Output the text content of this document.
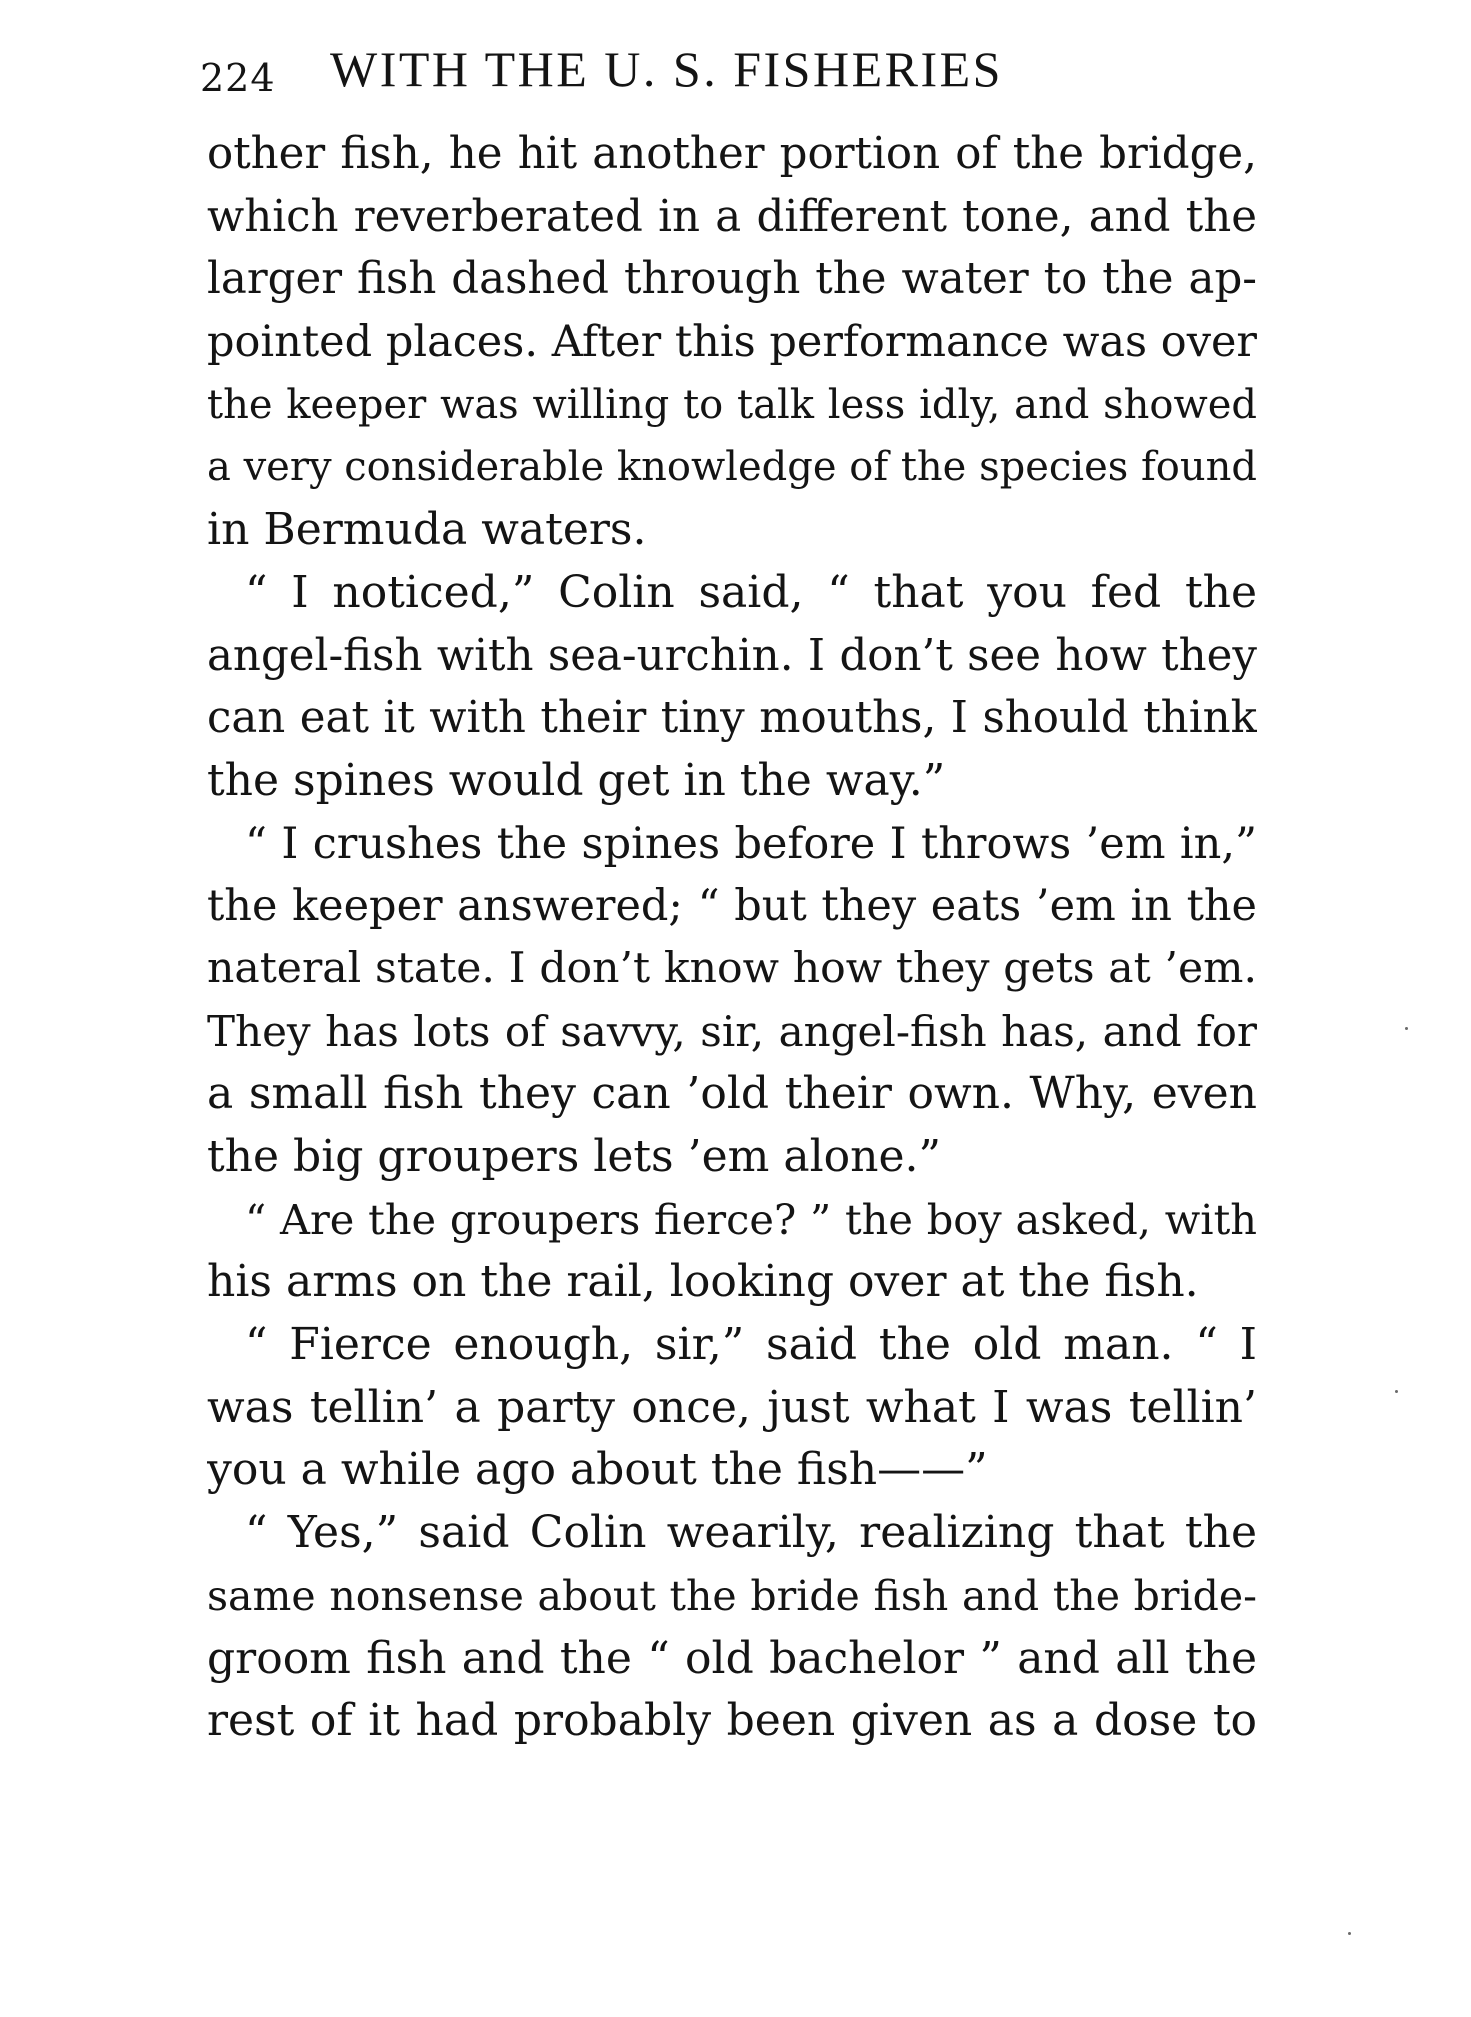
224 WITH THE U. S. FISHERIES
other fish, he hit another portion of the bridge,
which reverberated in a different tone, and the
larger fish dashed through the water to the ap-
pointed places. After this performance was over
the keeper was willing to talk less idly, and showed
a very considerable knowledge of the species found
in Bermuda waters.
“ I noticed,” Colin said, “ that you fed the
angel-fish with sea-urchin. I don’t see how they
can eat it with their tiny mouths, I should think
the spines would get in the way.”
“ I crushes the spines before I throws ’em in,”
the keeper answered; “ but they eats ’em in the
nateral state. I don’t know how they gets at ’em.
They has lots of savvy, sir, angel-fish has, and for
a small fish they can ’old their own. Why, even
the big groupers lets ’em alone.”
“ Are the groupers fierce? ” the boy asked, with
his arms on the rail, looking over at the fish.
“ Fierce enough, sir,” said the old man. “ I
was tellin’ a party once, just what I was tellin’
you a while ago about the fish——”
“ Yes,” said Colin wearily, realizing that the
same nonsense about the bride fish and the bride-
groom fish and the “ old bachelor ” and all the
rest of it had probably been given as a dose to
